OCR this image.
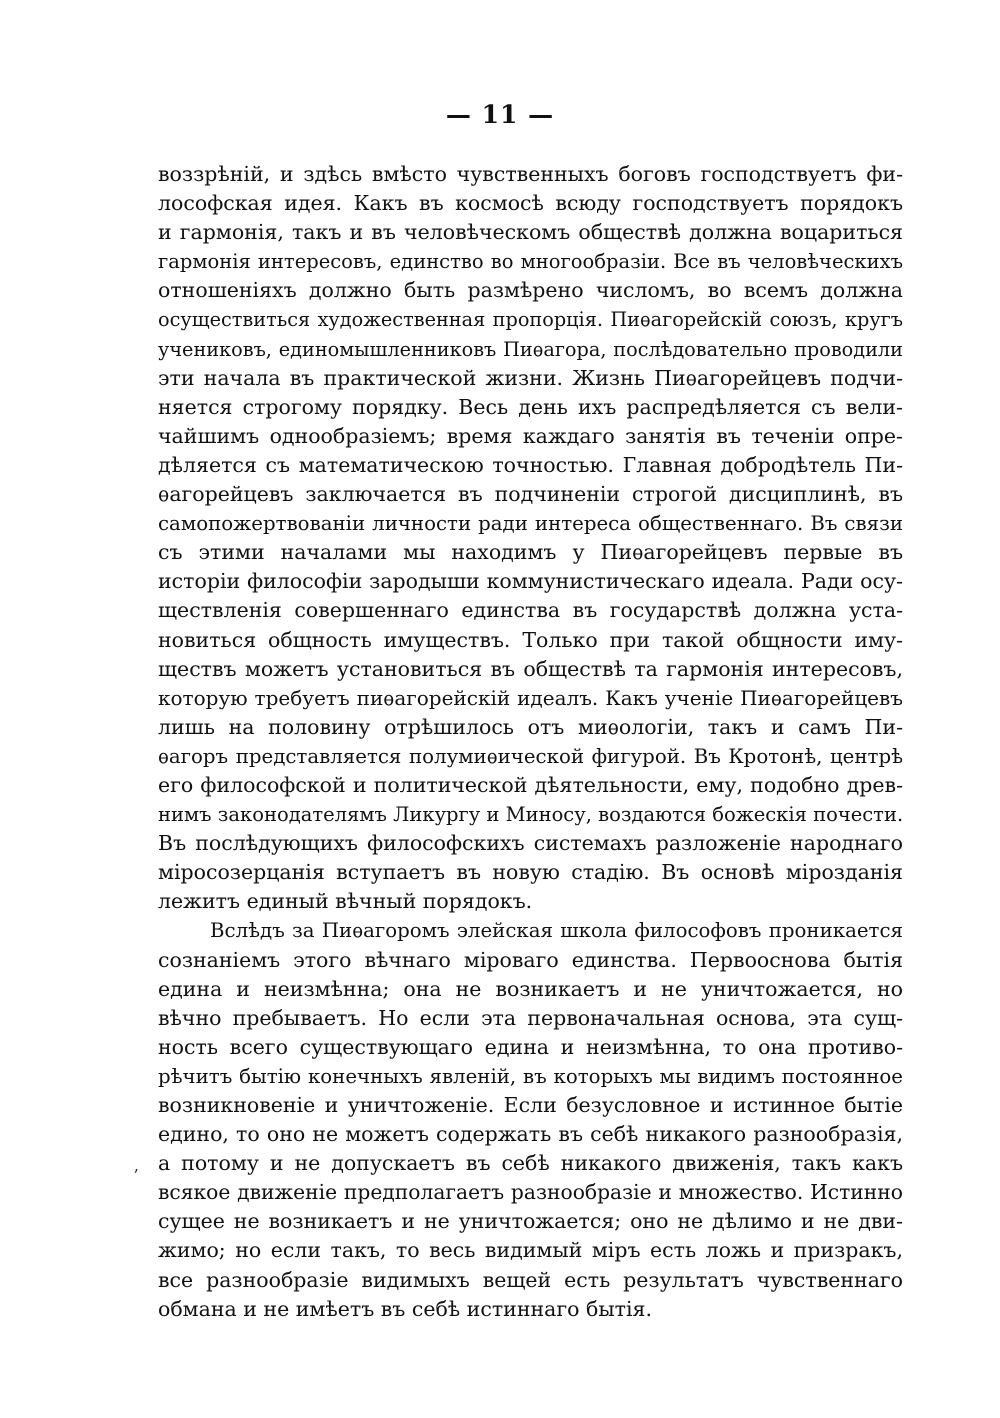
— 11 —
ʼ
воззрѣній, и здѣсь вмѣсто чувственныхъ боговъ господствуетъ фи-
лософская идея. Какъ въ космосѣ всюду господствуетъ порядокъ
и гармонія, такъ и въ человѣческомъ обществѣ должна воцариться
гармонія интересовъ, единство во многообразіи. Все въ человѣческихъ
отношеніяхъ должно быть размѣрено числомъ, во всемъ должна
осуществиться художественная пропорція. Пиѳагорейскій союзъ, кругъ
учениковъ, единомышленниковъ Пиѳагора, послѣдовательно проводили
эти начала въ практической жизни. Жизнь Пиѳагорейцевъ подчи-
няется строгому порядку. Весь день ихъ распредѣляется съ вели-
чайшимъ однообразіемъ; время каждаго занятія въ теченіи опре-
дѣляется съ математическою точностью. Главная добродѣтель Пи-
ѳагорейцевъ заключается въ подчиненіи строгой дисциплинѣ, въ
самопожертвованіи личности ради интереса общественнаго. Въ связи
съ этими началами мы находимъ у Пиѳагорейцевъ первые въ
исторіи философіи зародыши коммунистическаго идеала. Ради осу-
ществленія совершеннаго единства въ государствѣ должна уста-
новиться общность имуществъ. Только при такой общности иму-
ществъ можетъ установиться въ обществѣ та гармонія интересовъ,
которую требуетъ пиѳагорейскій идеалъ. Какъ ученіе Пиѳагорейцевъ
лишь на половину отрѣшилось отъ миѳологіи, такъ и самъ Пи-
ѳагоръ представляется полумиѳической фигурой. Въ Кротонѣ, центрѣ
его философской и политической дѣятельности, ему, подобно древ-
нимъ законодателямъ Ликургу и Миносу, воздаются божескія почести.
Въ послѣдующихъ философскихъ системахъ разложеніе народнаго
міросозерцанія вступаетъ въ новую стадію. Въ основѣ мірозданія
лежитъ единый вѣчный порядокъ.
Вслѣдъ за Пиѳагоромъ элейская школа философовъ проникается
сознаніемъ этого вѣчнаго міроваго единства. Первооснова бытія
едина и неизмѣнна; она не возникаетъ и не уничтожается, но
вѣчно пребываетъ. Но если эта первоначальная основа, эта сущ-
ность всего существующаго едина и неизмѣнна, то она противо-
рѣчитъ бытію конечныхъ явленій, въ которыхъ мы видимъ постоянное
возникновеніе и уничтоженіе. Если безусловное и истинное бытіе
едино, то оно не можетъ содержать въ себѣ никакого разнообразія,
а потому и не допускаетъ въ себѣ никакого движенія, такъ какъ
всякое движеніе предполагаетъ разнообразіе и множество. Истинно
сущее не возникаетъ и не уничтожается; оно не дѣлимо и не дви-
жимо; но если такъ, то весь видимый міръ есть ложь и призракъ,
все разнообразіе видимыхъ вещей есть результатъ чувственнаго
обмана и не имѣетъ въ себѣ истиннаго бытія.
